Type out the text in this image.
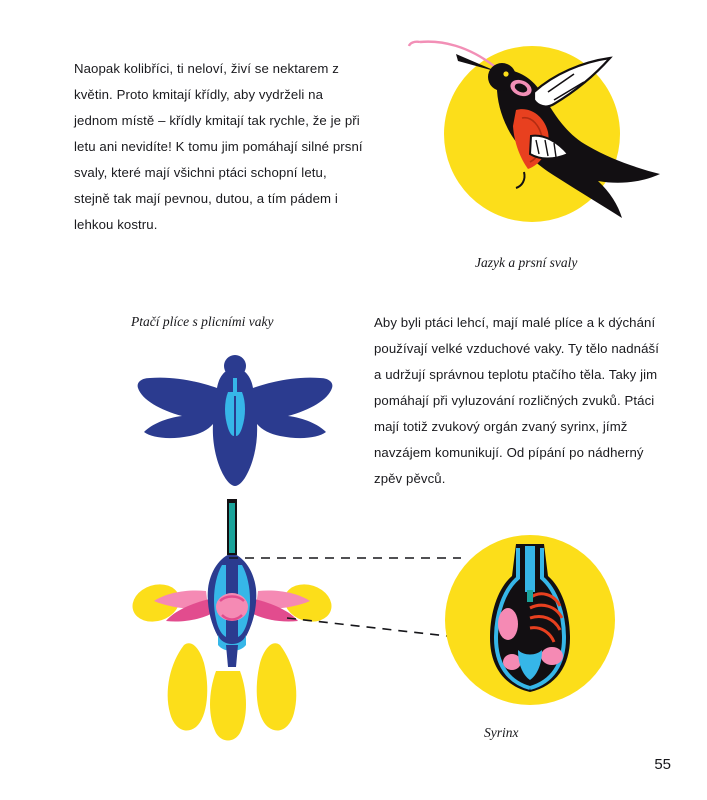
Naopak kolibříci, ti neloví, živí se nektarem z květin. Proto kmitají křídly, aby vydrželi na jednom místě – křídly kmitají tak rychle, že je při letu ani nevidíte! K tomu jim pomáhají silné prsní svaly, které mají všichni ptáci schopní letu, stejně tak mají pevnou, dutou, a tím pádem i lehkou kostru.
Jazyk a prsní svaly
Ptačí plíce s plicními vaky	Aby byli ptáci lehcí, mají malé plíce a k dýchání používají velké vzduchové vaky. Ty tělo nadnáší a udržují správnou teplotu ptačího těla. Taky jim pomáhají při vyluzování rozličných zvuků. Ptáci mají totiž zvukový orgán zvaný syrinx, jímž navzájem komunikují. Od pípání po nádherný zpěv pěvců.
Syrinx
55
